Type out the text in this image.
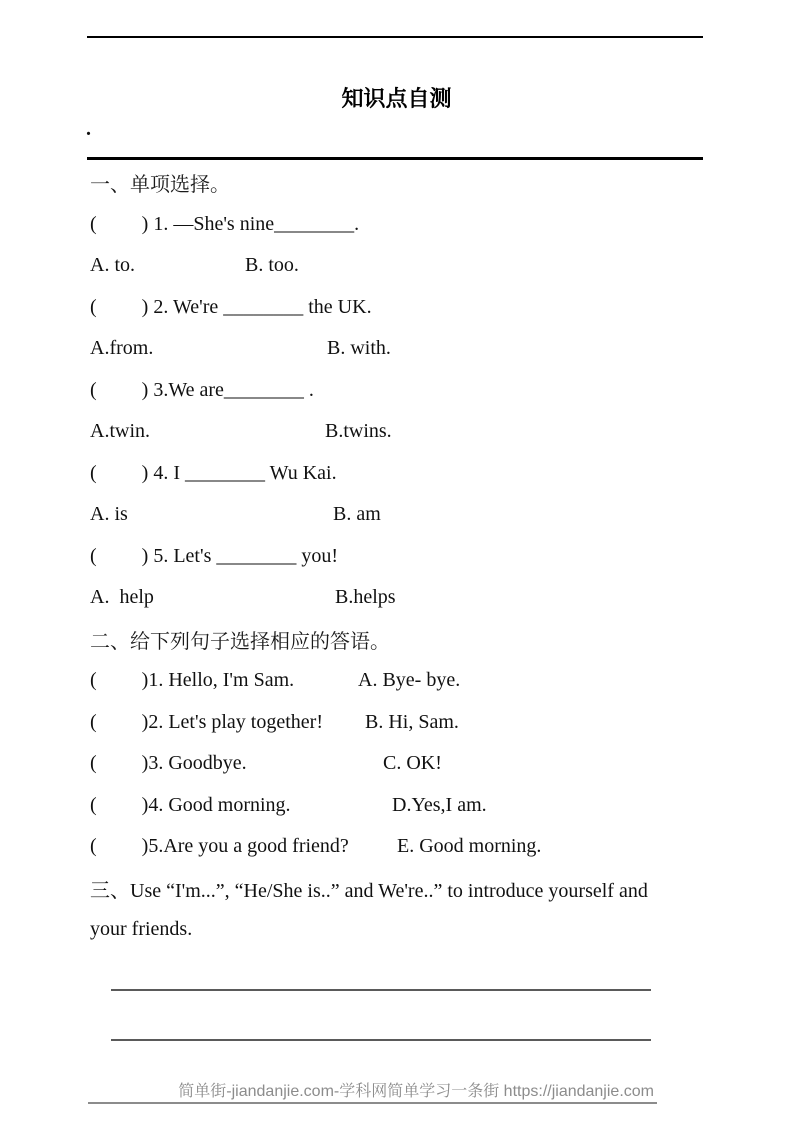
知识点自测
.
一、单项选择。
(         ) 1. —She's nine________.
A. to.	B. too.
(         ) 2. We're ________ the UK.
A.from.	B. with.
(         ) 3.We are________ .
A.twin.	B.twins.
(         ) 4. I ________ Wu Kai.
A. is	B. am
(         ) 5. Let's ________ you!
A.  help	B.helps
二、给下列句子选择相应的答语。
(         )1. Hello, I'm Sam.	A. Bye- bye.
(         )2. Let's play together! B. Hi, Sam.
(         )3. Goodbye.	C. OK!
(         )4. Good morning.	D.Yes,I am.
(         )5.Are you a good friend? E. Good morning.
三、Use “I'm...”, “He/She is..” and We're..” to introduce yourself and
your friends.
简单街-jiandanjie.com-学科网简单学习一条街 https://jiandanjie.com
